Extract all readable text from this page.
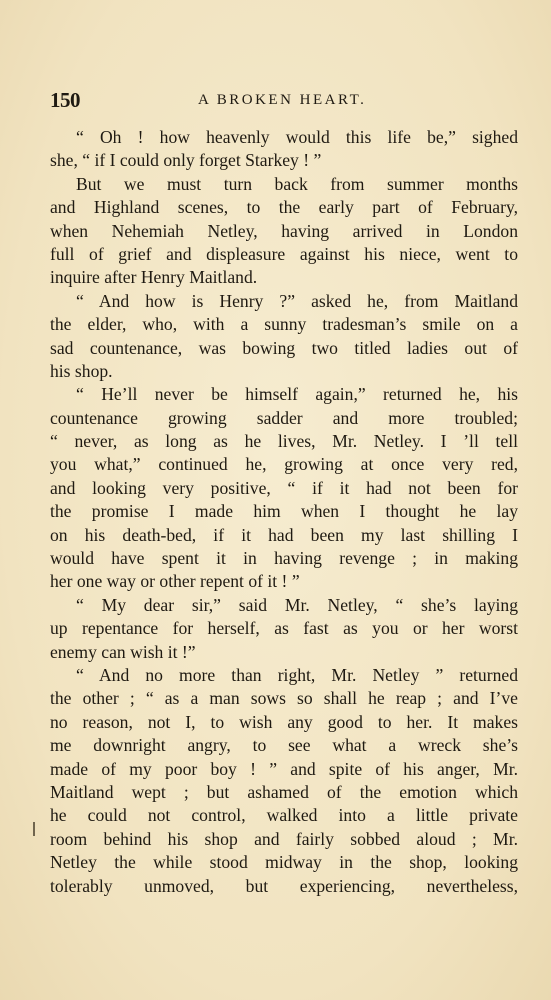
150	A BROKEN HEART.
“ Oh ! how heavenly would this life be,” sighed
she, “ if I could only forget Starkey ! ”
But we must turn back from summer months
and Highland scenes, to the early part of February,
when Nehemiah Netley, having arrived in London
full of grief and displeasure against his niece, went to
inquire after Henry Maitland.
“ And how is Henry ?” asked he, from Maitland
the elder, who, with a sunny tradesman’s smile on a
sad countenance, was bowing two titled ladies out of
his shop.
“ He’ll never be himself again,” returned he, his
countenance growing sadder and more troubled;
“ never, as long as he lives, Mr. Netley. I ’ll tell
you what,” continued he, growing at once very red,
and looking very positive, “ if it had not been for
the promise I made him when I thought he lay
on his death-bed, if it had been my last shilling I
would have spent it in having revenge ; in making
her one way or other repent of it ! ”
“ My dear sir,” said Mr. Netley, “ she’s laying
up repentance for herself, as fast as you or her worst
enemy can wish it !”
“ And no more than right, Mr. Netley ” returned
the other ; “ as a man sows so shall he reap ; and I’ve
no reason, not I, to wish any good to her. It makes
me downright angry, to see what a wreck she’s
made of my poor boy ! ” and spite of his anger, Mr.
Maitland wept ; but ashamed of the emotion which
he could not control, walked into a little private
room behind his shop and fairly sobbed aloud ; Mr.
Netley the while stood midway in the shop, looking
tolerably unmoved, but experiencing, nevertheless,
